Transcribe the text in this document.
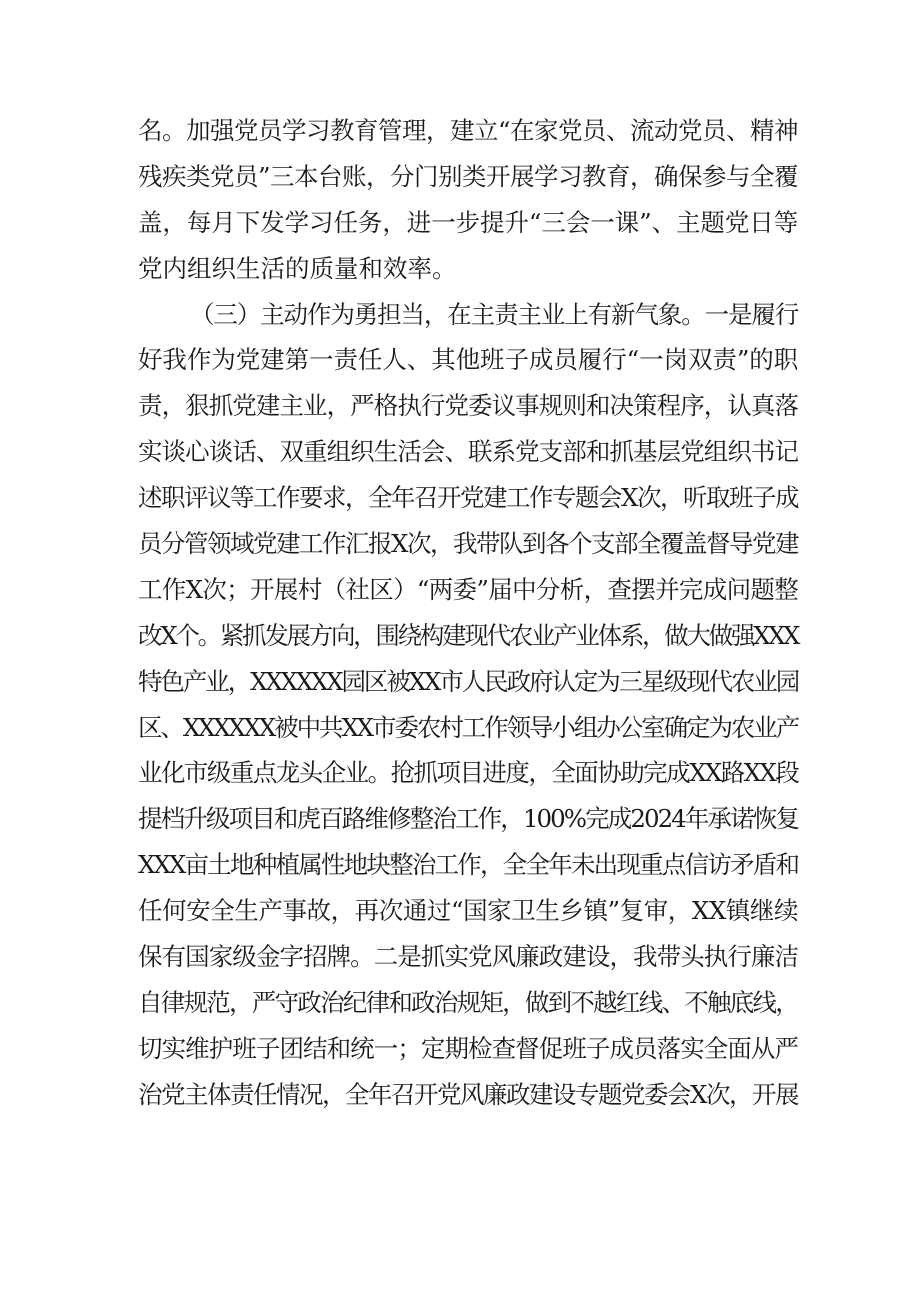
名。加强党员学习教育管理，建立“在家党员、流动党员、精神
残疾类党员”三本台账，分门别类开展学习教育，确保参与全覆
盖，每月下发学习任务，进一步提升“三会一课”、主题党日等
党内组织生活的质量和效率。
（三）主动作为勇担当，在主责主业上有新气象。一是履行
好我作为党建第一责任人、其他班子成员履行“一岗双责”的职
责，狠抓党建主业，严格执行党委议事规则和决策程序，认真落
实谈心谈话、双重组织生活会、联系党支部和抓基层党组织书记
述职评议等工作要求，全年召开党建工作专题会X次，听取班子成
员分管领域党建工作汇报X次，我带队到各个支部全覆盖督导党建
工作X次；开展村（社区）“两委”届中分析，查摆并完成问题整
改X个。紧抓发展方向，围绕构建现代农业产业体系，做大做强XXX
特色产业，XXXXXX园区被XX市人民政府认定为三星级现代农业园
区、XXXXXX被中共XX市委农村工作领导小组办公室确定为农业产
业化市级重点龙头企业。抢抓项目进度，全面协助完成XX路XX段
提档升级项目和虎百路维修整治工作，100%完成2024年承诺恢复
XXX亩土地种植属性地块整治工作，全全年未出现重点信访矛盾和
任何安全生产事故，再次通过“国家卫生乡镇”复审，XX镇继续
保有国家级金字招牌。二是抓实党风廉政建设，我带头执行廉洁
自律规范，严守政治纪律和政治规矩，做到不越红线、不触底线，
切实维护班子团结和统一；定期检查督促班子成员落实全面从严
治党主体责任情况，全年召开党风廉政建设专题党委会X次，开展
